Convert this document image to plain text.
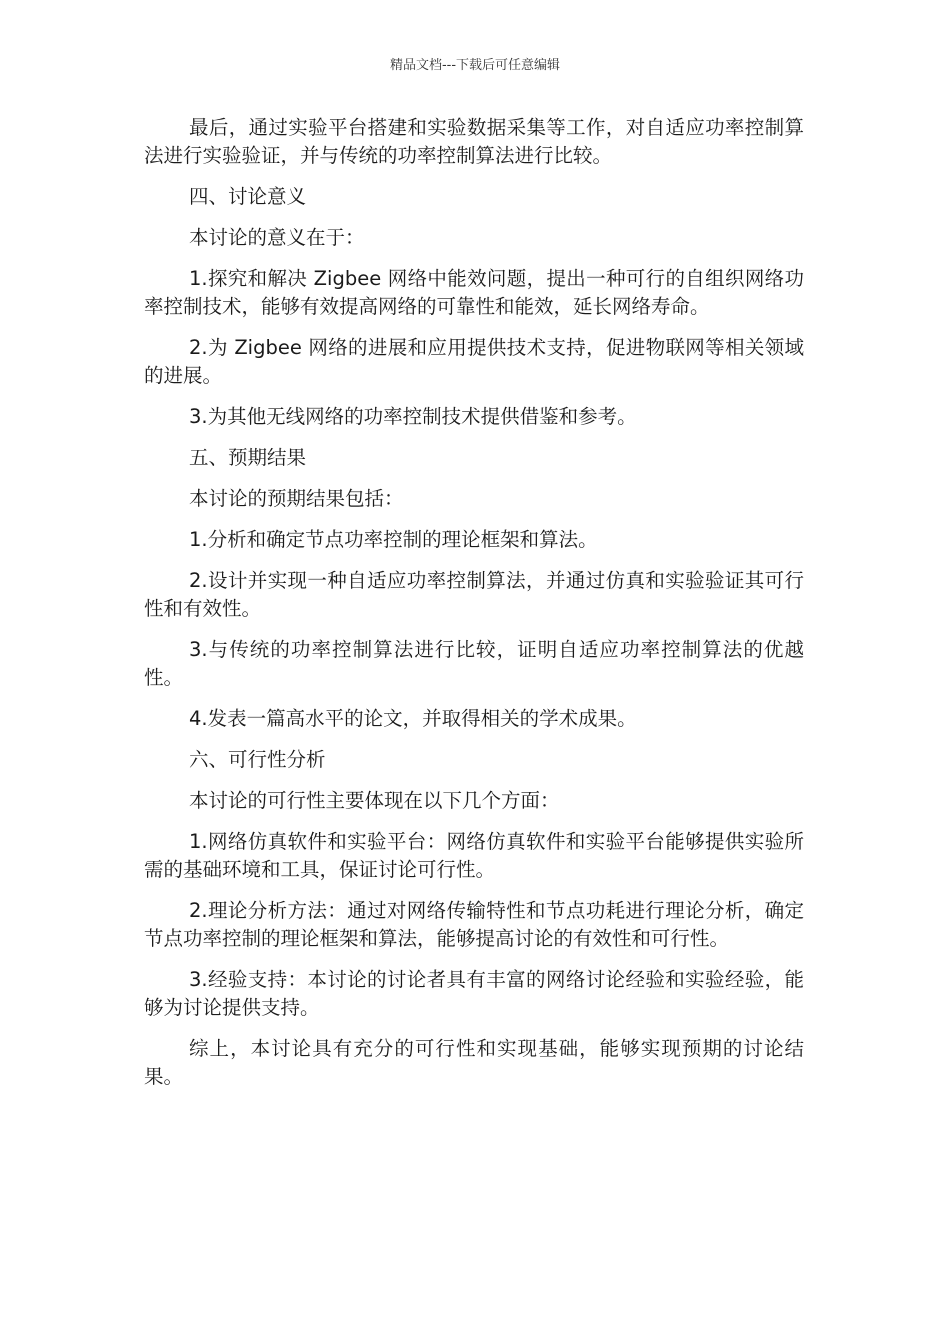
精品文档---下载后可任意编辑

最后，通过实验平台搭建和实验数据采集等工作，对自适应功率控制算法进行实验验证，并与传统的功率控制算法进行比较。

四、讨论意义

本讨论的意义在于：

1.探究和解决 Zigbee 网络中能效问题，提出一种可行的自组织网络功率控制技术，能够有效提高网络的可靠性和能效，延长网络寿命。

2.为 Zigbee 网络的进展和应用提供技术支持，促进物联网等相关领域的进展。

3.为其他无线网络的功率控制技术提供借鉴和参考。

五、预期结果

本讨论的预期结果包括：

1.分析和确定节点功率控制的理论框架和算法。

2.设计并实现一种自适应功率控制算法，并通过仿真和实验验证其可行性和有效性。

3.与传统的功率控制算法进行比较，证明自适应功率控制算法的优越性。

4.发表一篇高水平的论文，并取得相关的学术成果。

六、可行性分析

本讨论的可行性主要体现在以下几个方面：

1.网络仿真软件和实验平台：网络仿真软件和实验平台能够提供实验所需的基础环境和工具，保证讨论可行性。

2.理论分析方法：通过对网络传输特性和节点功耗进行理论分析，确定节点功率控制的理论框架和算法，能够提高讨论的有效性和可行性。

3.经验支持：本讨论的讨论者具有丰富的网络讨论经验和实验经验，能够为讨论提供支持。

综上，本讨论具有充分的可行性和实现基础，能够实现预期的讨论结果。
